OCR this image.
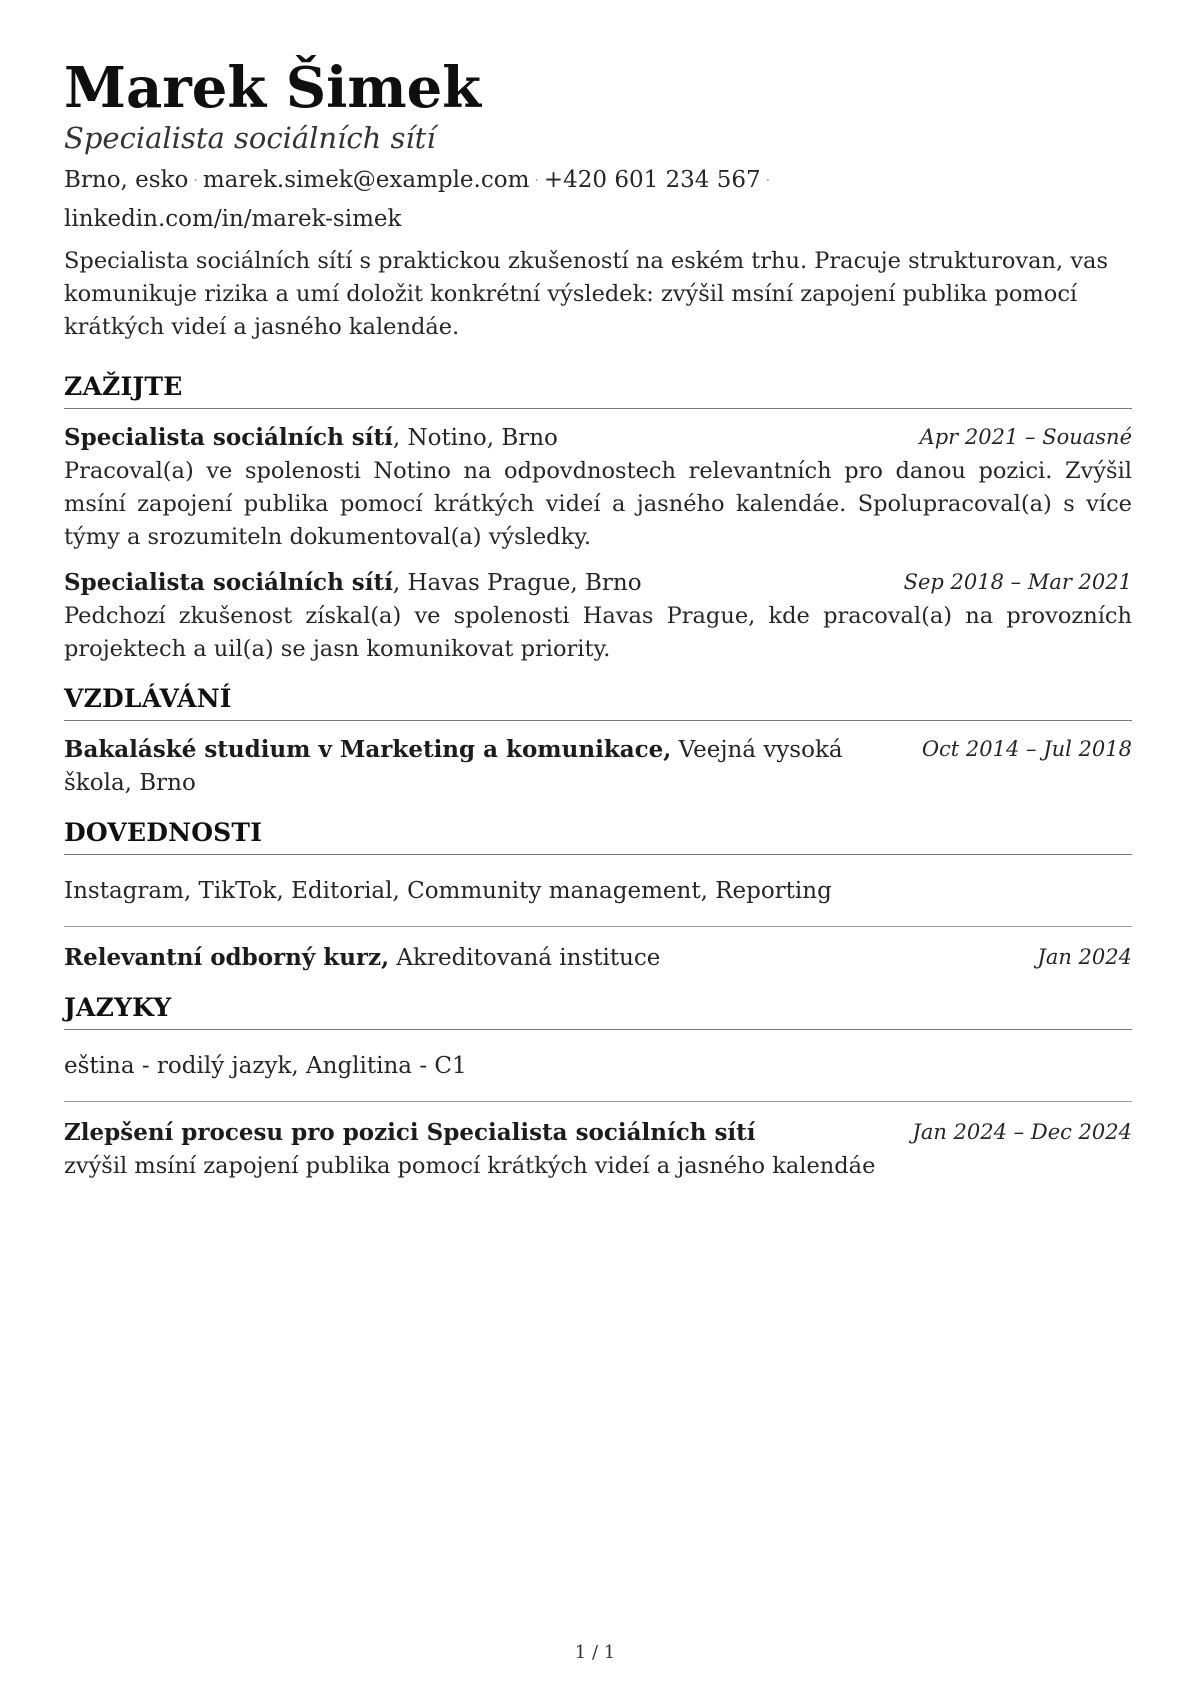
Marek Šimek

Specialista sociálních sítí

Brno, esko · marek.simek@example.com · +420 601 234 567 ·
linkedin.com/in/marek-simek

Specialista sociálních sítí s praktickou zkušeností na eském trhu. Pracuje strukturovan, vas komunikuje rizika a umí doložit konkrétní výsledek: zvýšil msíní zapojení publika pomocí krátkých videí a jasného kalendáe.

ZAŽIJTE
Specialista sociálních sítí, Notino, Brno	Apr 2021 – Souasné

Pracoval(a) ve spolenosti Notino na odpovdnostech relevantních pro danou pozici. Zvýšil msíní zapojení publika pomocí krátkých videí a jasného kalendáe. Spolupracoval(a) s více týmy a srozumiteln dokumentoval(a) výsledky.

Specialista sociálních sítí, Havas Prague, Brno	Sep 2018 – Mar 2021

Pedchozí zkušenost získal(a) ve spolenosti Havas Prague, kde pracoval(a) na provozních projektech a uil(a) se jasn komunikovat priority.

VZDLÁVÁNÍ
Bakaláské studium v Marketing a komunikace, Veejná vysoká škola, Brno
Oct 2014 – Jul 2018
DOVEDNOSTI

Instagram, TikTok, Editorial, Community management, Reporting

Relevantní odborný kurz, Akreditovaná instituce	Jan 2024
JAZYKY

eština - rodilý jazyk, Anglitina - C1

Zlepšení procesu pro pozici Specialista sociálních sítí	Jan 2024 – Dec 2024

zvýšil msíní zapojení publika pomocí krátkých videí a jasného kalendáe

1 / 1
